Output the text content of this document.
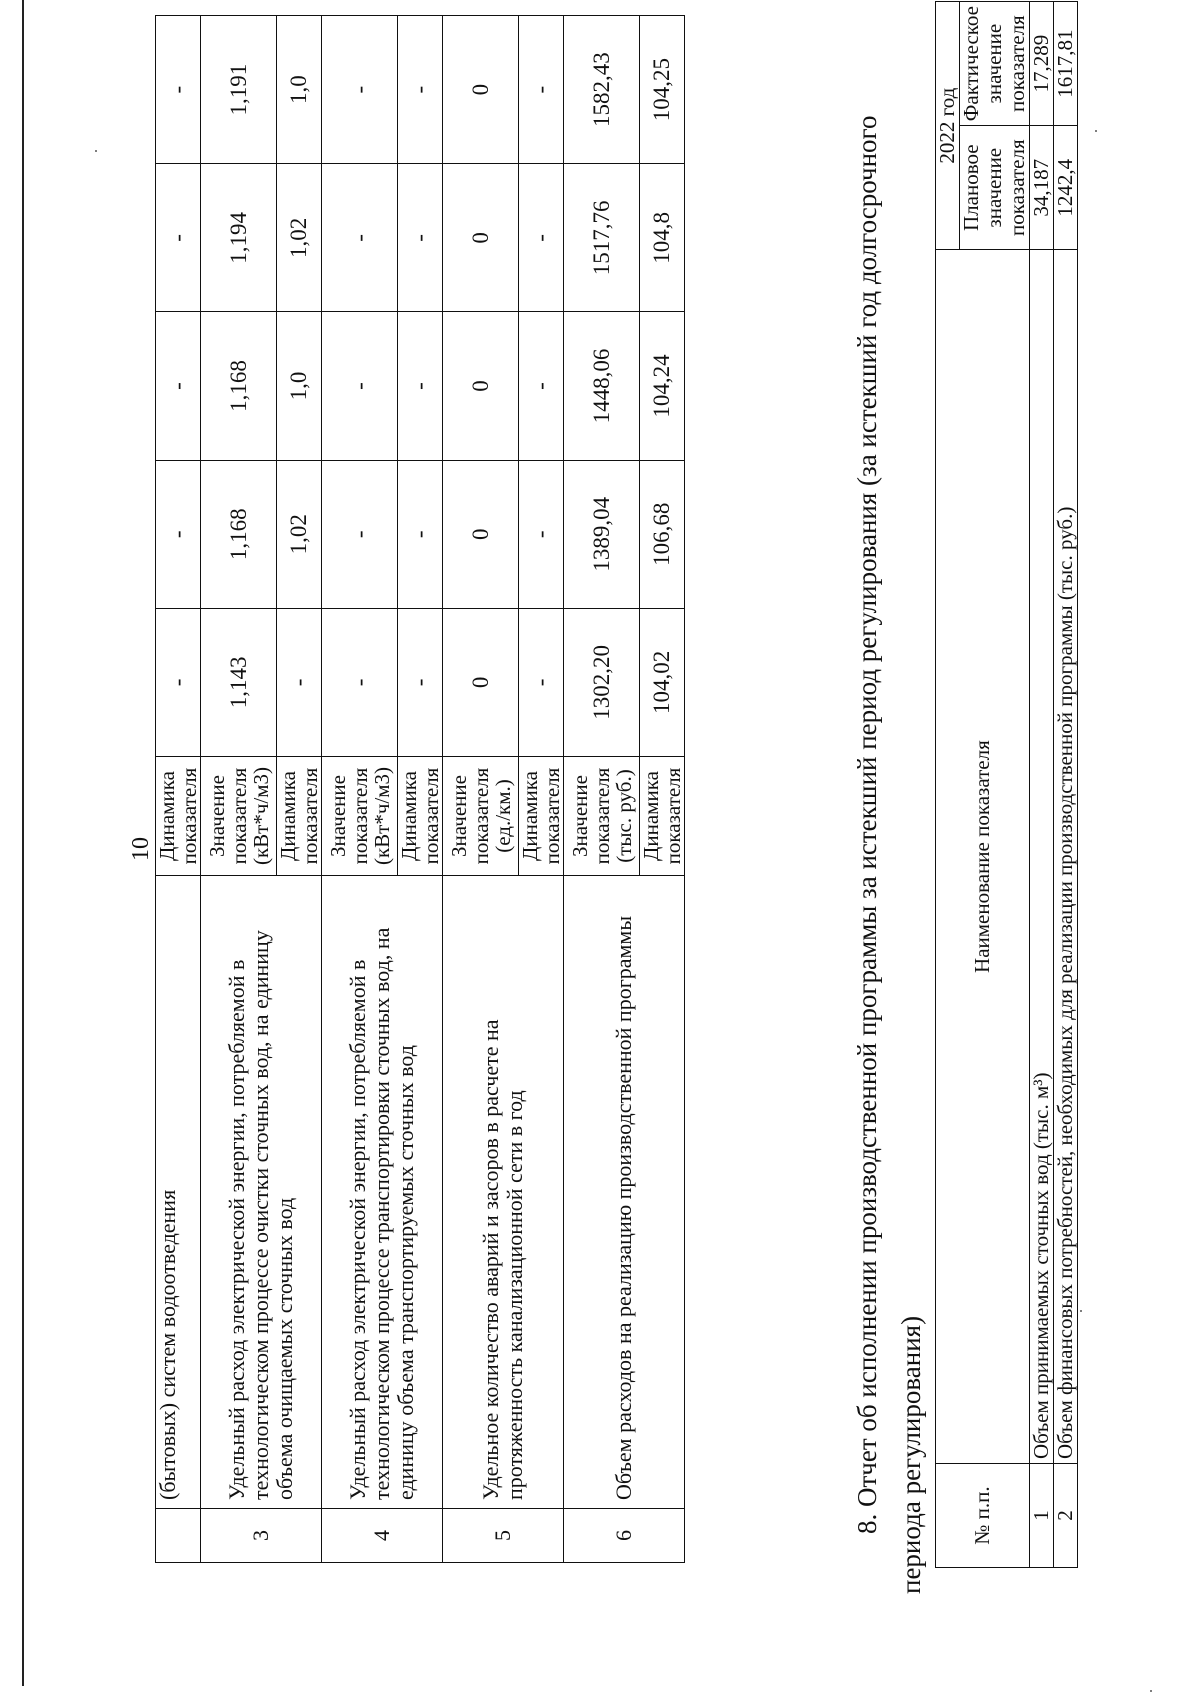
10
	(бытовых) систем водоотведения	Динамика показателя	-	-	-	-	-
3	Удельный расход электрической энергии, потребляемой в технологическом процессе очистки сточных вод, на единицу объема очищаемых сточных вод	Значение показателя (кВт*ч/м3)	1,143	1,168	1,168	1,194	1,191
		Динамика показателя	-	1,02	1,0	1,02	1,0
4	Удельный расход электрической энергии, потребляемой в технологическом процессе транспортировки сточных вод, на единицу объема транспортируемых сточных вод	Значение показателя (кВт*ч/м3)	-	-	-	-	-
		Динамика показателя	-	-	-	-	-
5	Удельное количество аварий и засоров в расчете на протяженность канализационной сети в год	Значение показателя (ед./км.)	0	0	0	0	0
		Динамика показателя	-	-	-	-	-
6	Объем расходов на реализацию производственной программы	Значение показателя (тыс. руб.)	1302,20	1389,04	1448,06	1517,76	1582,43
		Динамика показателя	104,02	106,68	104,24	104,8	104,25
8. Отчет об исполнении производственной программы за истекший период регулирования (за истекший год долгосрочного периода регулирования)	№ п.п.	Наименование показателя	2022 год	
		Плановое значение показателя	Фактическое значение показателя
1	Объем принимаемых сточных вод (тыс. м³)	34,187	17,289
2	Объем финансовых потребностей, необходимых для реализации производственной программы (тыс. руб.)	1242,4	1617,81
